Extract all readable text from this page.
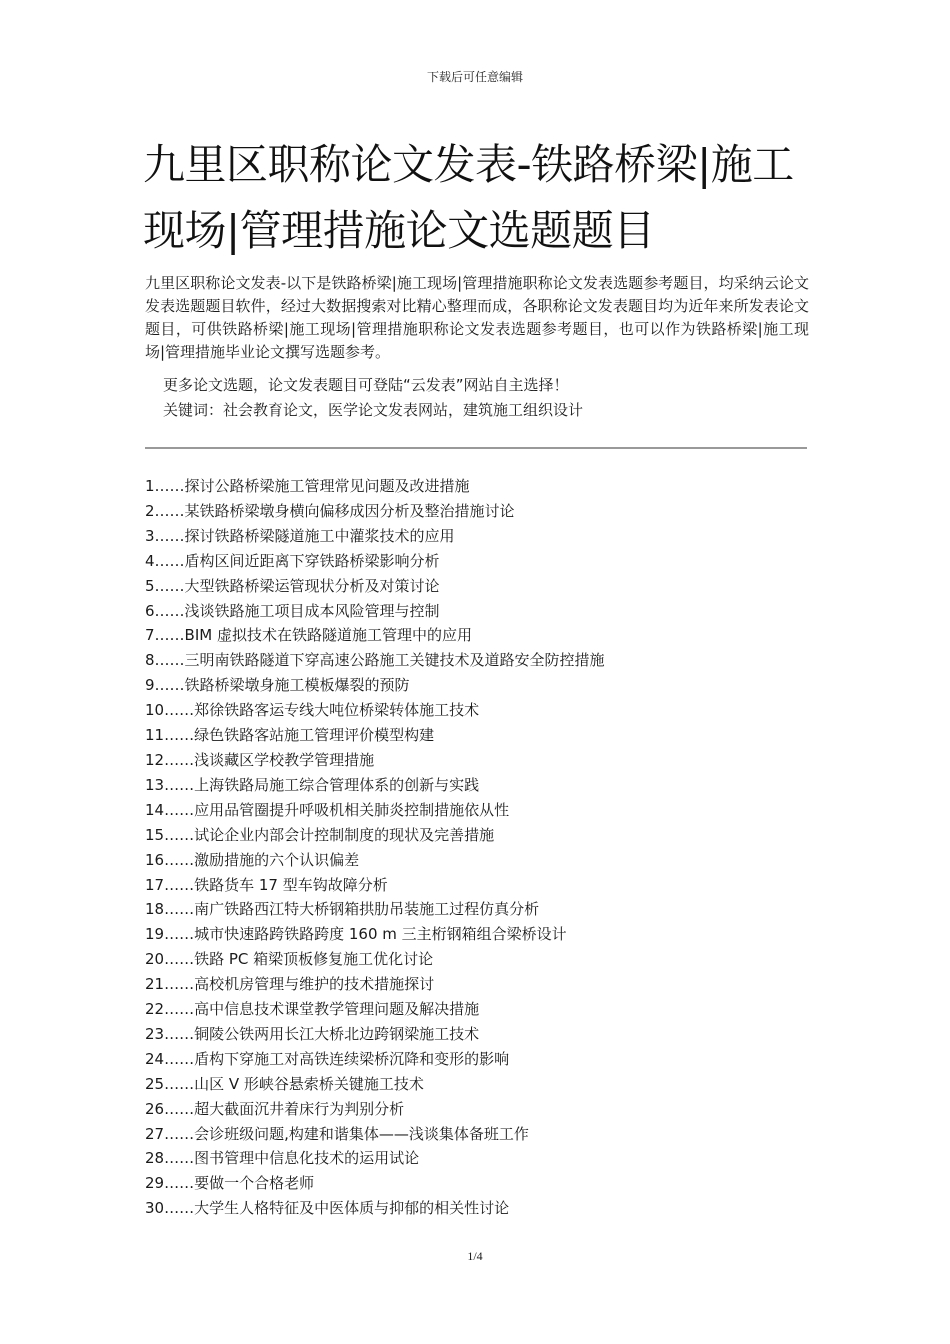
下载后可任意编辑
九里区职称论文发表-铁路桥梁|施工现场|管理措施论文选题题目

九里区职称论文发表-以下是铁路桥梁|施工现场|管理措施职称论文发表选题参考题目，均采纳云论文发表选题题目软件，经过大数据搜索对比精心整理而成，各职称论文发表题目均为近年来所发表论文题目，可供铁路桥梁|施工现场|管理措施职称论文发表选题参考题目，也可以作为铁路桥梁|施工现场|管理措施毕业论文撰写选题参考。

更多论文选题，论文发表题目可登陆“云发表”网站自主选择！

关键词：社会教育论文，医学论文发表网站，建筑施工组织设计

1……探讨公路桥梁施工管理常见问题及改进措施
2……某铁路桥梁墩身横向偏移成因分析及整治措施讨论
3……探讨铁路桥梁隧道施工中灌浆技术的应用
4……盾构区间近距离下穿铁路桥梁影响分析
5……大型铁路桥梁运管现状分析及对策讨论
6……浅谈铁路施工项目成本风险管理与控制
7……BIM 虚拟技术在铁路隧道施工管理中的应用
8……三明南铁路隧道下穿高速公路施工关键技术及道路安全防控措施
9……铁路桥梁墩身施工模板爆裂的预防
10……郑徐铁路客运专线大吨位桥梁转体施工技术
11……绿色铁路客站施工管理评价模型构建
12……浅谈藏区学校教学管理措施
13……上海铁路局施工综合管理体系的创新与实践
14……应用品管圈提升呼吸机相关肺炎控制措施依从性
15……试论企业内部会计控制制度的现状及完善措施
16……激励措施的六个认识偏差
17……铁路货车 17 型车钩故障分析
18……南广铁路西江特大桥钢箱拱肋吊装施工过程仿真分析
19……城市快速路跨铁路跨度 160 m 三主桁钢箱组合梁桥设计
20……铁路 PC 箱梁顶板修复施工优化讨论
21……高校机房管理与维护的技术措施探讨
22……高中信息技术课堂教学管理问题及解决措施
23……铜陵公铁两用长江大桥北边跨钢梁施工技术
24……盾构下穿施工对高铁连续梁桥沉降和变形的影响
25……山区 V 形峡谷悬索桥关键施工技术
26……超大截面沉井着床行为判别分析
27……会诊班级问题,构建和谐集体——浅谈集体备班工作
28……图书管理中信息化技术的运用试论
29……要做一个合格老师
30……大学生人格特征及中医体质与抑郁的相关性讨论
1/4
